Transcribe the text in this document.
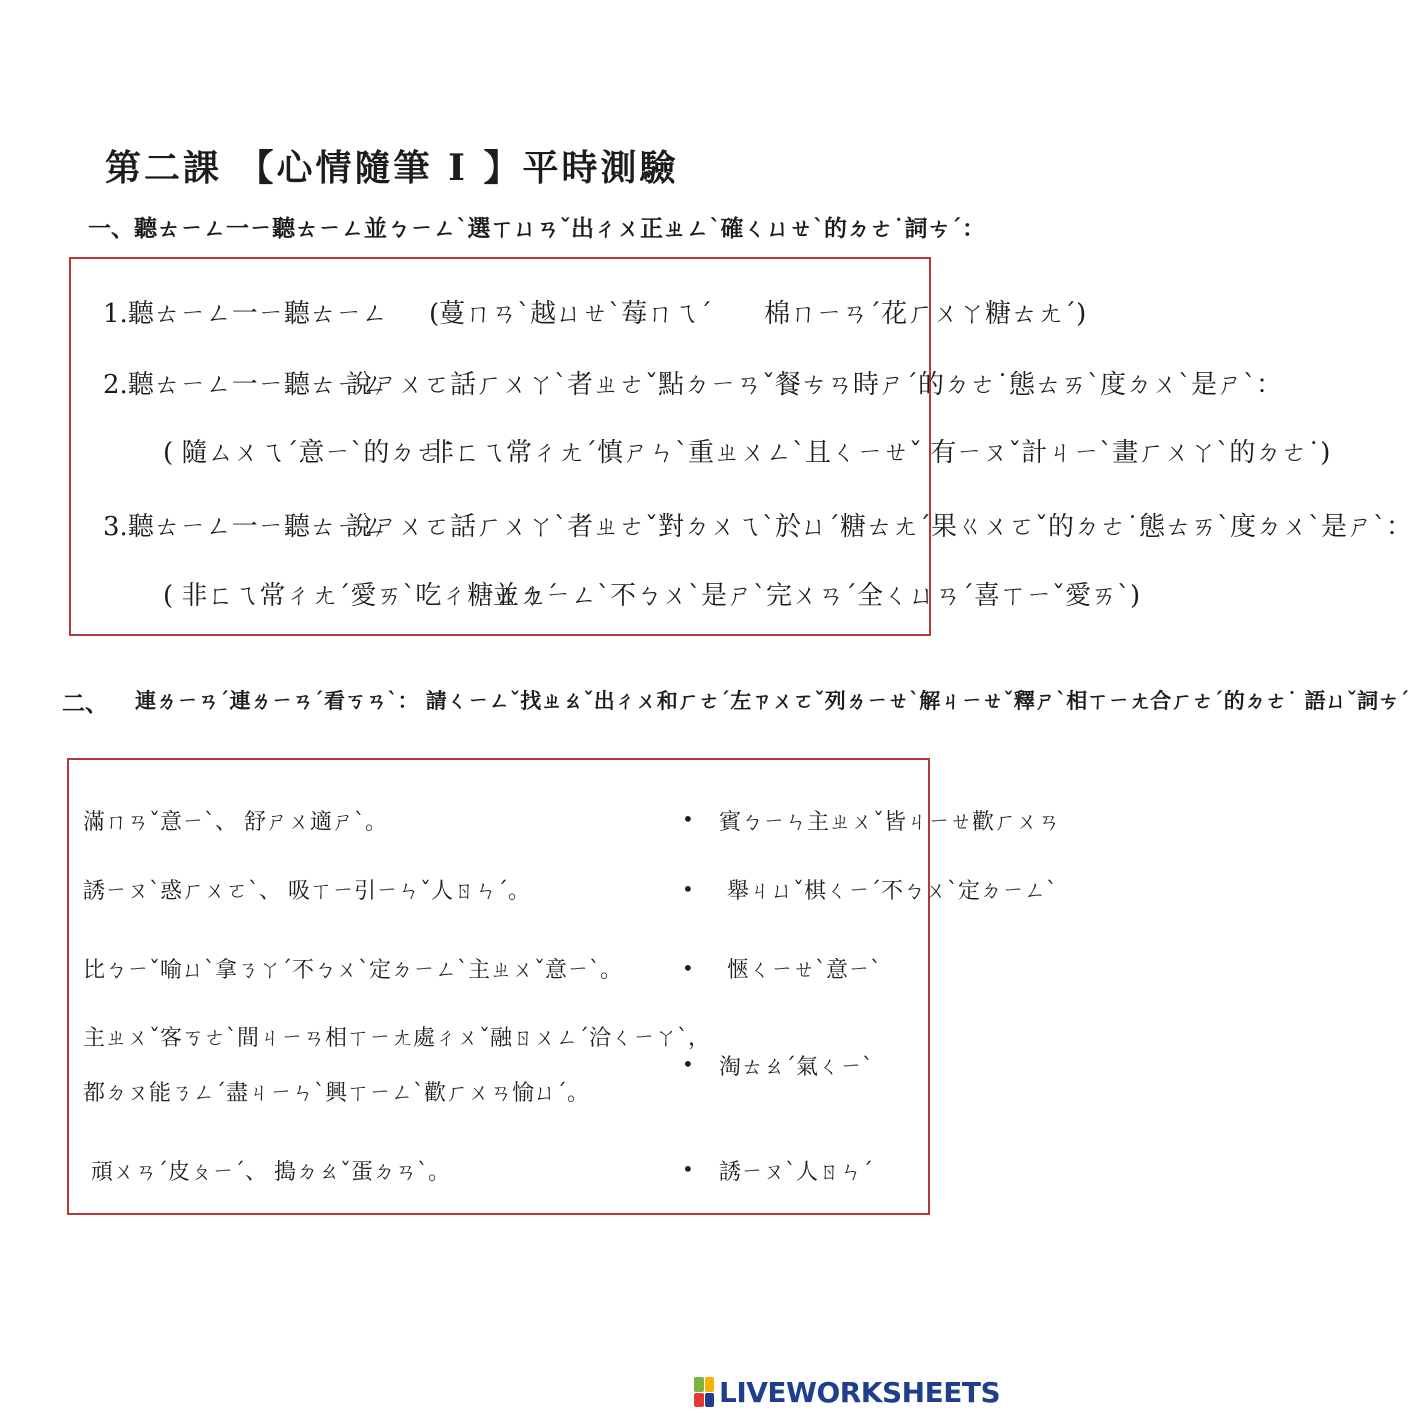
第二課 【心情隨筆 Ⅰ 】平時測驗
一、聽ㄊㄧㄥ一ㄧ聽ㄊㄧㄥ並ㄅㄧㄥˋ選ㄒㄩㄢˇ出ㄔㄨ正ㄓㄥˋ確ㄑㄩㄝˋ的ㄉㄜ˙詞ㄘˊ：
1.聽ㄊㄧㄥ一ㄧ聽ㄊㄧㄥ (蔓ㄇㄢˋ越ㄩㄝˋ莓ㄇㄟˊ　　棉ㄇㄧㄢˊ花ㄏㄨㄚ糖ㄊㄤˊ)
2.聽ㄊㄧㄥ一ㄧ聽ㄊㄧㄥ
說ㄕㄨㄛ話ㄏㄨㄚˋ者ㄓㄜˇ點ㄉㄧㄢˇ餐ㄘㄢ時ㄕˊ的ㄉㄜ˙態ㄊㄞˋ度ㄉㄨˋ是ㄕˋ：
( 隨ㄙㄨㄟˊ意ㄧˋ的ㄉㄜ˙
非ㄈㄟ常ㄔㄤˊ慎ㄕㄣˋ重ㄓㄨㄥˋ且ㄑㄧㄝˇ 有ㄧㄡˇ計ㄐㄧˋ畫ㄏㄨㄚˋ的ㄉㄜ˙)
3.聽ㄊㄧㄥ一ㄧ聽ㄊㄧㄥ
說ㄕㄨㄛ話ㄏㄨㄚˋ者ㄓㄜˇ對ㄉㄨㄟˋ於ㄩˊ糖ㄊㄤˊ果ㄍㄨㄛˇ的ㄉㄜ˙態ㄊㄞˋ度ㄉㄨˋ是ㄕˋ：
( 非ㄈㄟ常ㄔㄤˊ愛ㄞˋ吃ㄔ糖ㄊㄤˊ
並ㄅㄧㄥˋ不ㄅㄨˋ是ㄕˋ完ㄨㄢˊ全ㄑㄩㄢˊ喜ㄒㄧˇ愛ㄞˋ)
二、 連ㄌㄧㄢˊ連ㄌㄧㄢˊ看ㄎㄢˋ： 請ㄑㄧㄥˇ找ㄓㄠˇ出ㄔㄨ和ㄏㄜˊ左ㄗㄨㄛˇ列ㄌㄧㄝˋ解ㄐㄧㄝˇ釋ㄕˋ相ㄒㄧㄤ合ㄏㄜˊ的ㄉㄜ˙ 語ㄩˇ詞ㄘˊ
滿ㄇㄢˇ意ㄧˋ、 舒ㄕㄨ適ㄕˋ。
誘ㄧㄡˋ惑ㄏㄨㄛˋ、 吸ㄒㄧ引ㄧㄣˇ人ㄖㄣˊ。
比ㄅㄧˇ喻ㄩˋ拿ㄋㄚˊ不ㄅㄨˋ定ㄉㄧㄥˋ主ㄓㄨˇ意ㄧˋ。
主ㄓㄨˇ客ㄎㄜˋ間ㄐㄧㄢ相ㄒㄧㄤ處ㄔㄨˇ融ㄖㄨㄥˊ洽ㄑㄧㄚˋ，
都ㄉㄡ能ㄋㄥˊ盡ㄐㄧㄣˋ興ㄒㄧㄥˋ歡ㄏㄨㄢ愉ㄩˊ。
頑ㄨㄢˊ皮ㄆㄧˊ、 搗ㄉㄠˇ蛋ㄉㄢˋ。
• 賓ㄅㄧㄣ主ㄓㄨˇ皆ㄐㄧㄝ歡ㄏㄨㄢ
• 舉ㄐㄩˇ棋ㄑㄧˊ不ㄅㄨˋ定ㄉㄧㄥˋ
• 愜ㄑㄧㄝˋ意ㄧˋ
• 淘ㄊㄠˊ氣ㄑㄧˋ
• 誘ㄧㄡˋ人ㄖㄣˊ
LIVEWORKSHEETS
